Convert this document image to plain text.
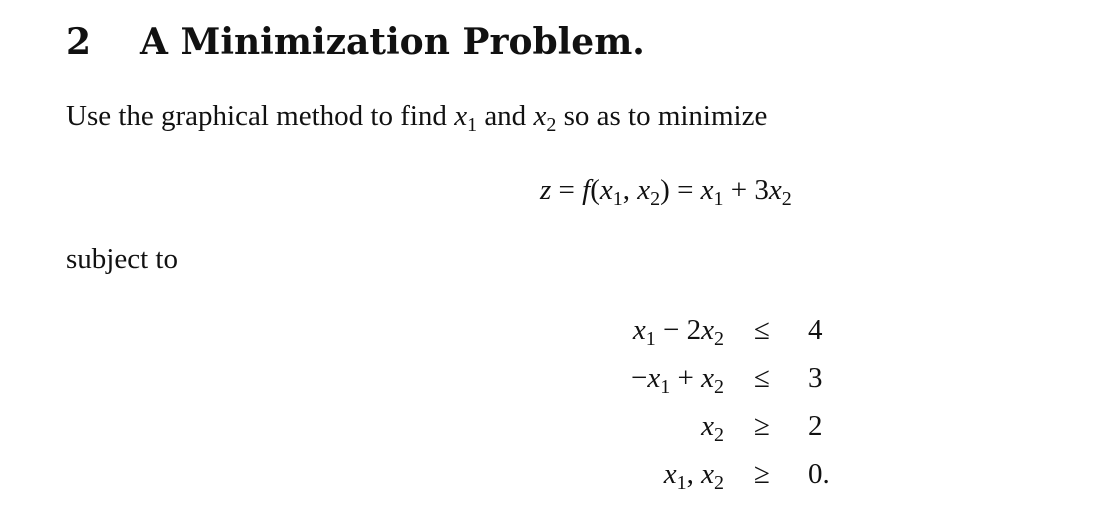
2 A Minimization Problem.
Use the graphical method to find $x_1$ and $x_2$ so as to minimize
$z = f(x_1$, $x_2) = x_1 + 3x_2$
subject to
$x_1 - 2x_2 \le 4$
$-x_1 + x_2 \le 3$
$x_2 \ge 2$
$x_1$, $x_2 \ge 0$.
